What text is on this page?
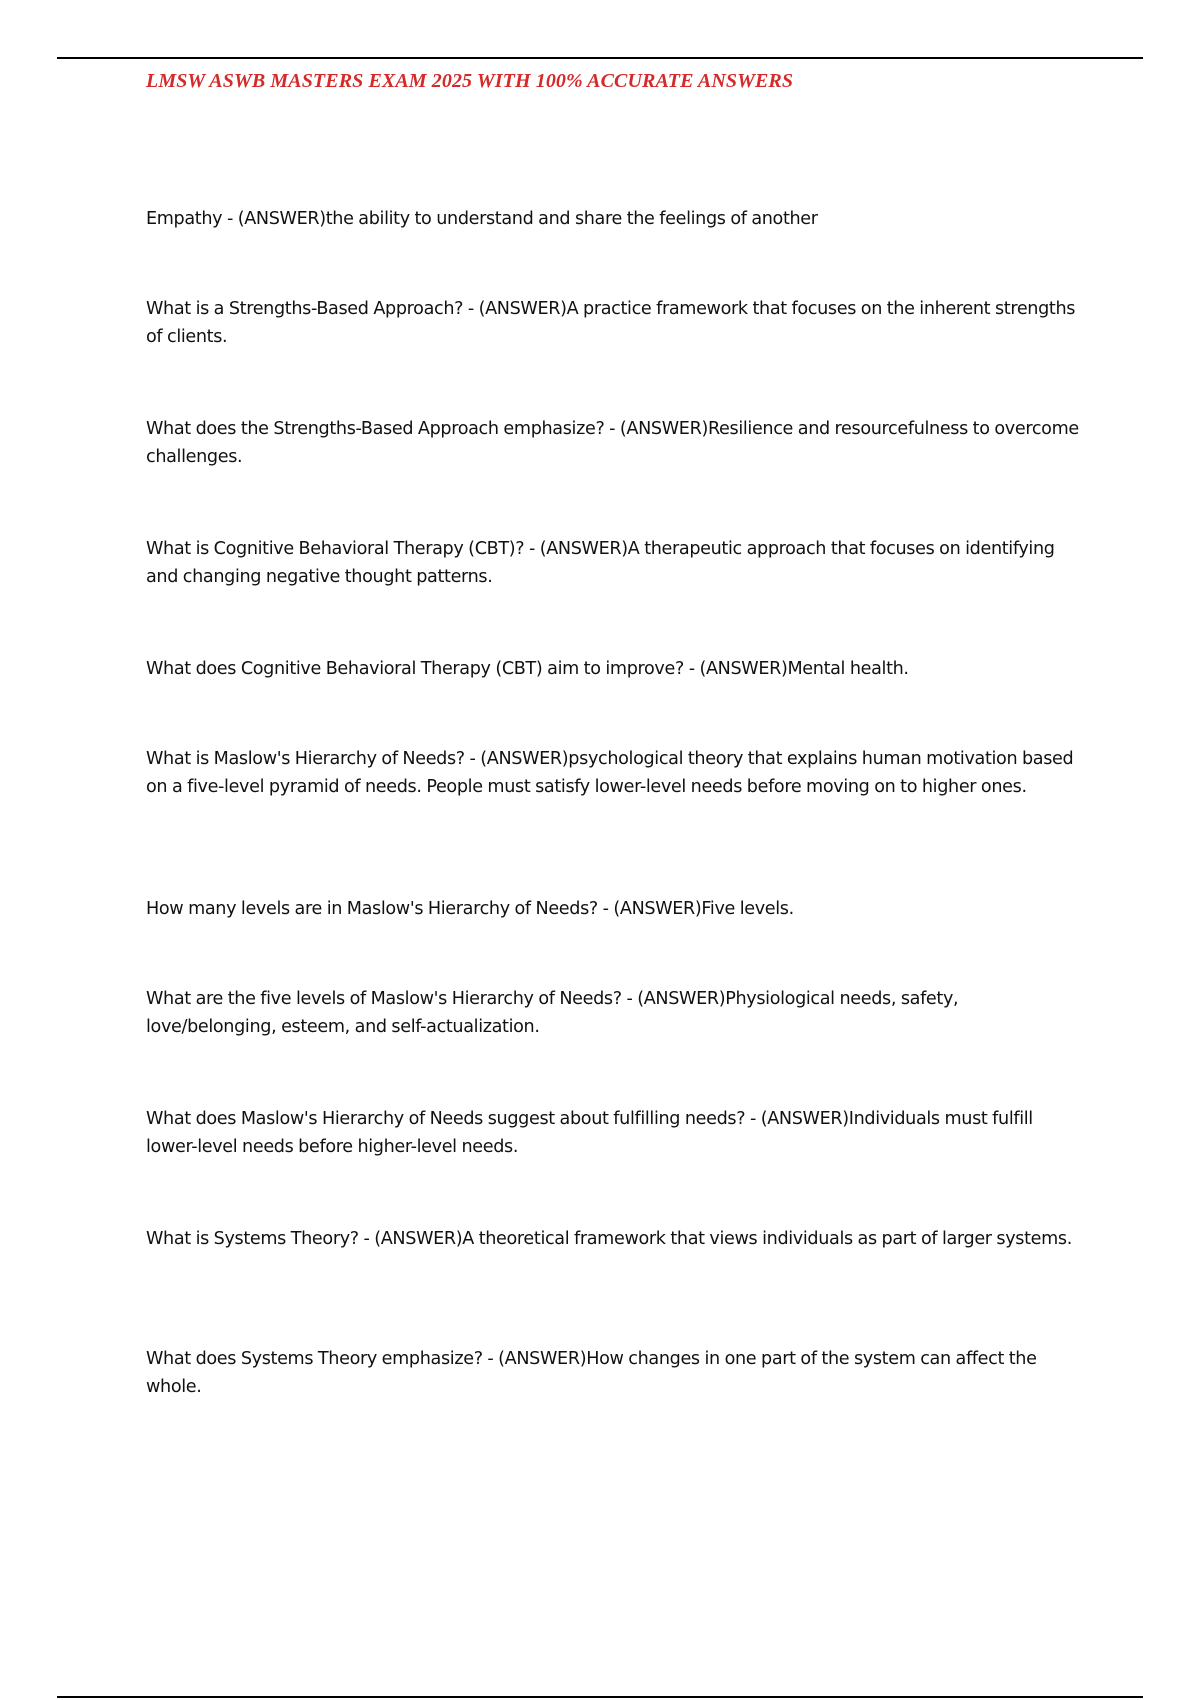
LMSW ASWB MASTERS EXAM 2025 WITH 100% ACCURATE ANSWERS

Empathy - (ANSWER)the ability to understand and share the feelings of another

What is a Strengths-Based Approach? - (ANSWER)A practice framework that focuses on the inherent strengths of clients.

What does the Strengths-Based Approach emphasize? - (ANSWER)Resilience and resourcefulness to overcome challenges.

What is Cognitive Behavioral Therapy (CBT)? - (ANSWER)A therapeutic approach that focuses on identifying and changing negative thought patterns.

What does Cognitive Behavioral Therapy (CBT) aim to improve? - (ANSWER)Mental health.

What is Maslow's Hierarchy of Needs? - (ANSWER)psychological theory that explains human motivation based on a five-level pyramid of needs. People must satisfy lower-level needs before moving on to higher ones.

How many levels are in Maslow's Hierarchy of Needs? - (ANSWER)Five levels.

What are the five levels of Maslow's Hierarchy of Needs? - (ANSWER)Physiological needs, safety, love/belonging, esteem, and self-actualization.

What does Maslow's Hierarchy of Needs suggest about fulfilling needs? - (ANSWER)Individuals must fulfill lower-level needs before higher-level needs.

What is Systems Theory? - (ANSWER)A theoretical framework that views individuals as part of larger systems.

What does Systems Theory emphasize? - (ANSWER)How changes in one part of the system can affect the whole.
